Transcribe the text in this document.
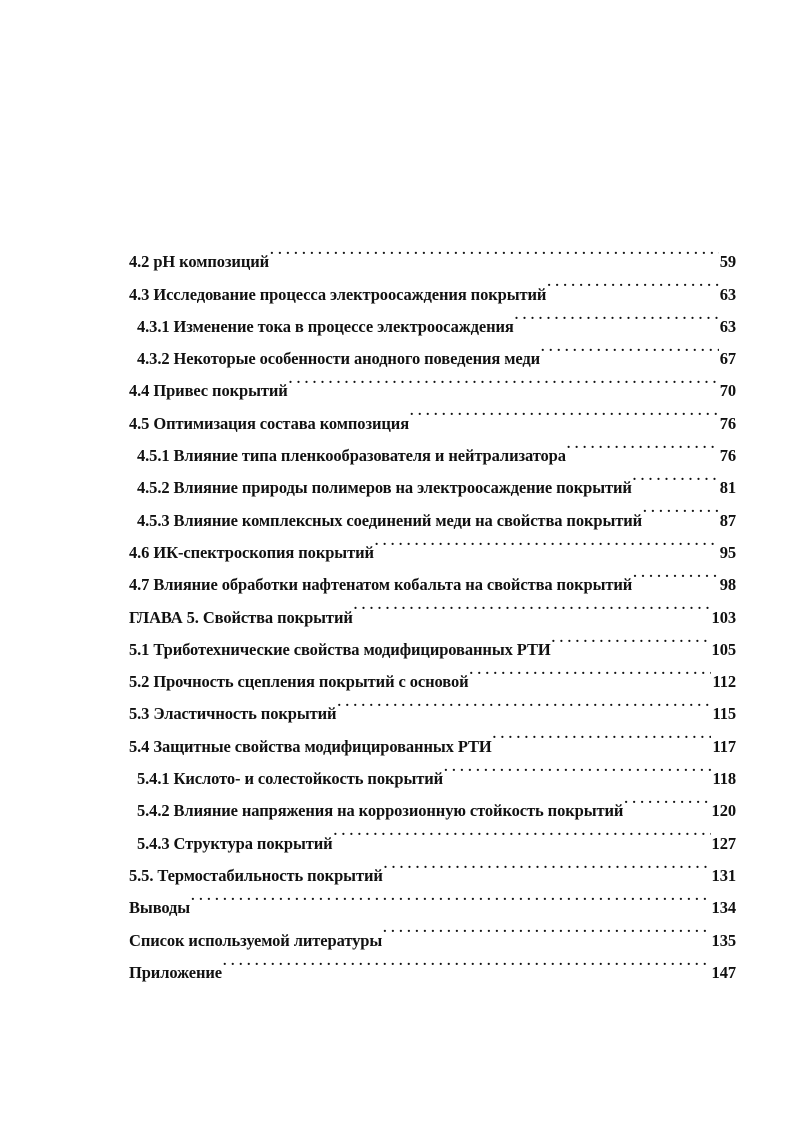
4.2 pH композиций . . .	59
4.3 Исследование процесса электроосаждения покрытий . . .	63
4.3.1 Изменение тока в процессе электроосаждения . . .	63
4.3.2 Некоторые особенности анодного поведения меди . . .	67
4.4 Привес покрытий . . .	70
4.5 Оптимизация состава композиция . . .	76
4.5.1 Влияние типа пленкообразователя и нейтрализатора . . .	76
4.5.2 Влияние природы полимеров на электроосаждение покрытий . . .	81
4.5.3 Влияние комплексных соединений меди на свойства покрытий . . .	87
4.6 ИК-спектроскопия покрытий . . .	95
4.7 Влияние обработки нафтенатом кобальта на свойства покрытий . . .	98
ГЛАВА 5. Свойства покрытий . . .	103
5.1 Триботехнические свойства модифицированных РТИ . . .	105
5.2 Прочность сцепления покрытий с основой . . .	112
5.3 Эластичность покрытий . . .	115
5.4 Защитные свойства модифицированных РТИ . . .	117
5.4.1 Кислото- и солестойкость покрытий . . .	118
5.4.2 Влияние напряжения на коррозионную стойкость покрытий . . .	120
5.4.3 Структура покрытий . . .	127
5.5. Термостабильность покрытий . . .	131
Выводы . . .	134
Список используемой литературы . . .	135
Приложение . . .	147
